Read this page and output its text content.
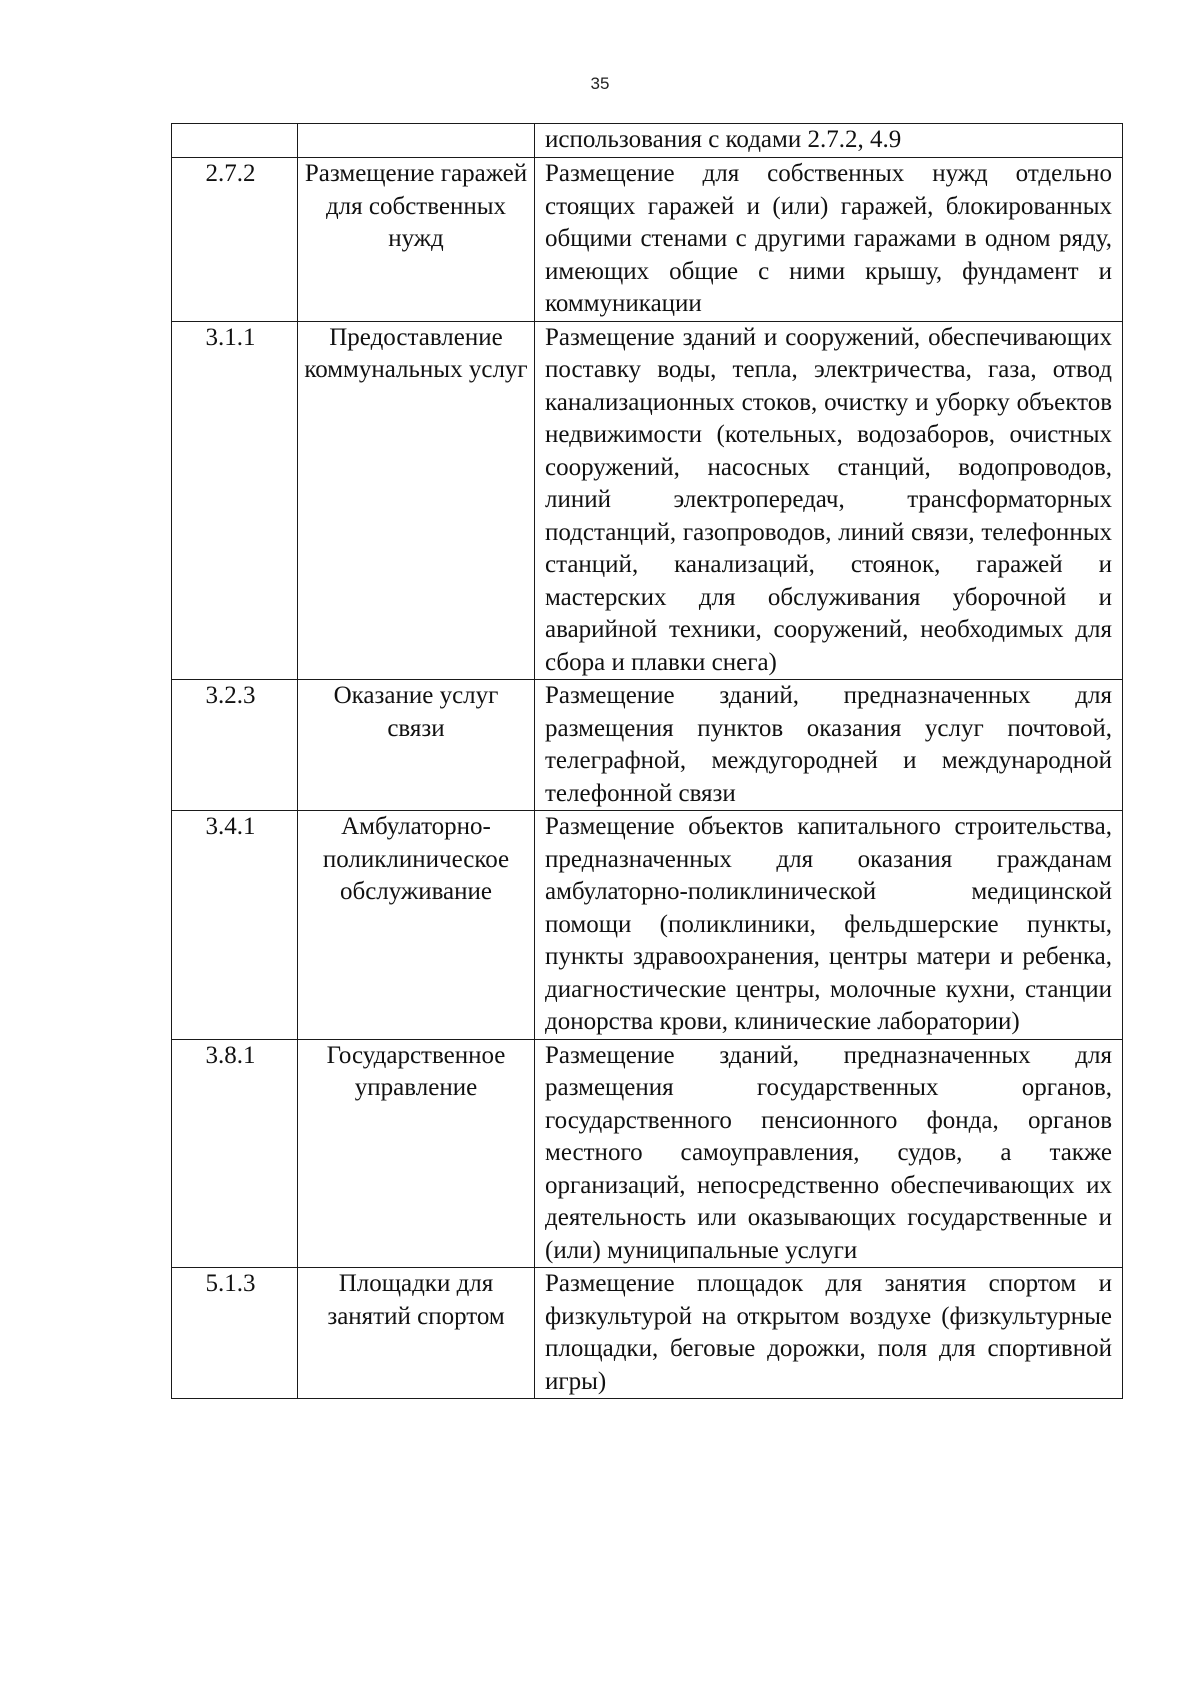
35
		использования с кодами 2.7.2, 4.9
2.7.2	Размещение гаражей для собственных нужд	Размещение для собственных нужд отдельно стоящих гаражей и (или) гаражей, блокированных общими стенами с другими гаражами в одном ряду, имеющих общие с ними крышу, фундамент и коммуникации
3.1.1	Предоставление коммунальных услуг	Размещение зданий и сооружений, обеспечивающих поставку воды, тепла, электричества, газа, отвод канализационных стоков, очистку и уборку объектов недвижимости (котельных, водозаборов, очистных сооружений, насосных станций, водопроводов, линий электропередач, трансформаторных подстанций, газопроводов, линий связи, телефонных станций, канализаций, стоянок, гаражей и мастерских для обслуживания уборочной и аварийной техники, сооружений, необходимых для сбора и плавки снега)
3.2.3	Оказание услуг связи	Размещение зданий, предназначенных для размещения пунктов оказания услуг почтовой, телеграфной, междугородней и международной телефонной связи
3.4.1	Амбулаторно-поликлиническое обслуживание	Размещение объектов капитального строительства, предназначенных для оказания гражданам амбулаторно-поликлинической медицинской помощи (поликлиники, фельдшерские пункты, пункты здравоохранения, центры матери и ребенка, диагностические центры, молочные кухни, станции донорства крови, клинические лаборатории)
3.8.1	Государственное управление	Размещение зданий, предназначенных для размещения государственных органов, государственного пенсионного фонда, органов местного самоуправления, судов, а также организаций, непосредственно обеспечивающих их деятельность или оказывающих государственные и (или) муниципальные услуги
5.1.3	Площадки для занятий спортом	Размещение площадок для занятия спортом и физкультурой на открытом воздухе (физкультурные площадки, беговые дорожки, поля для спортивной игры)
